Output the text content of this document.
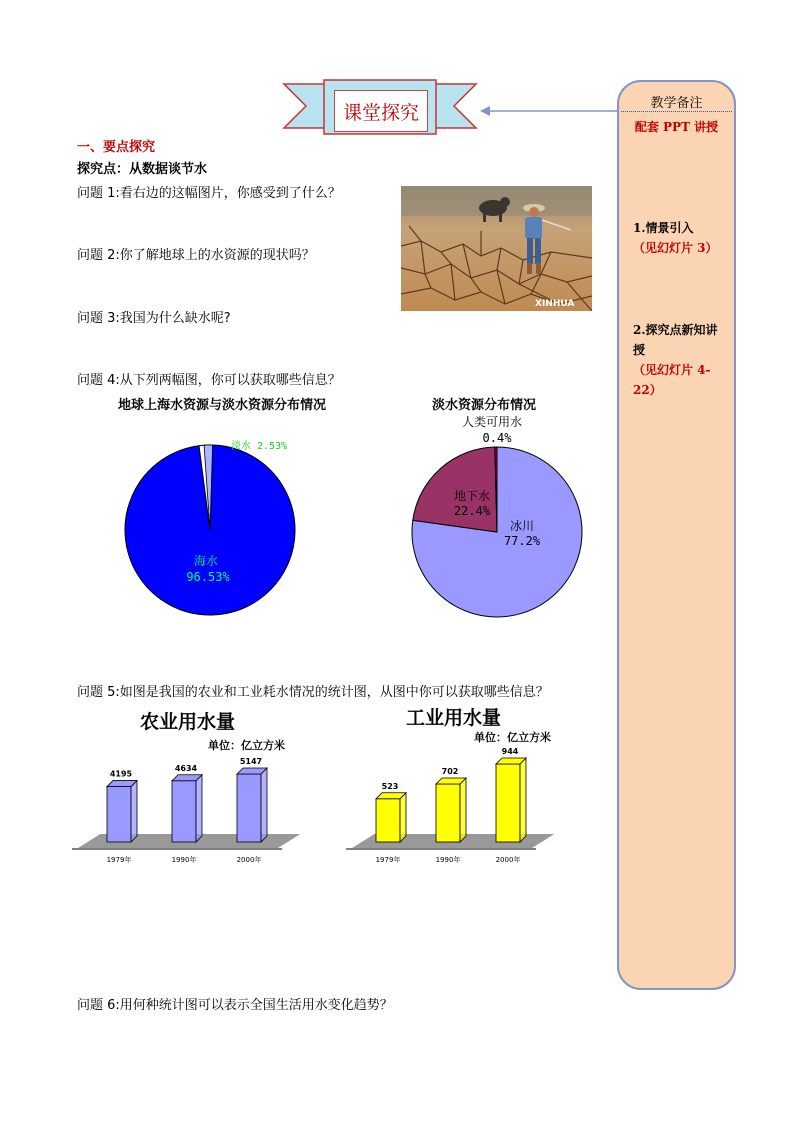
课堂探究	教学备注
配套 PPT 讲授
1.情景引入
（见幻灯片 3）
2.探究点新知讲授
（见幻灯片 4-22）
一、要点探究
探究点：从数据谈节水
问题 1:看右边的这幅图片，你感受到了什么？
问题 2:你了解地球上的水资源的现状吗？
问题 3:我国为什么缺水呢?
问题 4:从下列两幅图，你可以获取哪些信息？
问题 5:如图是我国的农业和工业耗水情况的统计图，从图中你可以获取哪些信息？
问题 6:用何种统计图可以表示全国生活用水变化趋势？
XINHUA
地球上海水资源与淡水资源分布情况	淡水资源分布情况
海水
96.53%
淡水 2.53%
人类可用水
0.4%
地下水
22.4%
冰川
77.2%
农业用水量
单位：亿立方米
4195
1979年
4634
1990年
5147
2000年
工业用水量
单位：亿立方米
523
1979年
702
1990年
944
2000年
